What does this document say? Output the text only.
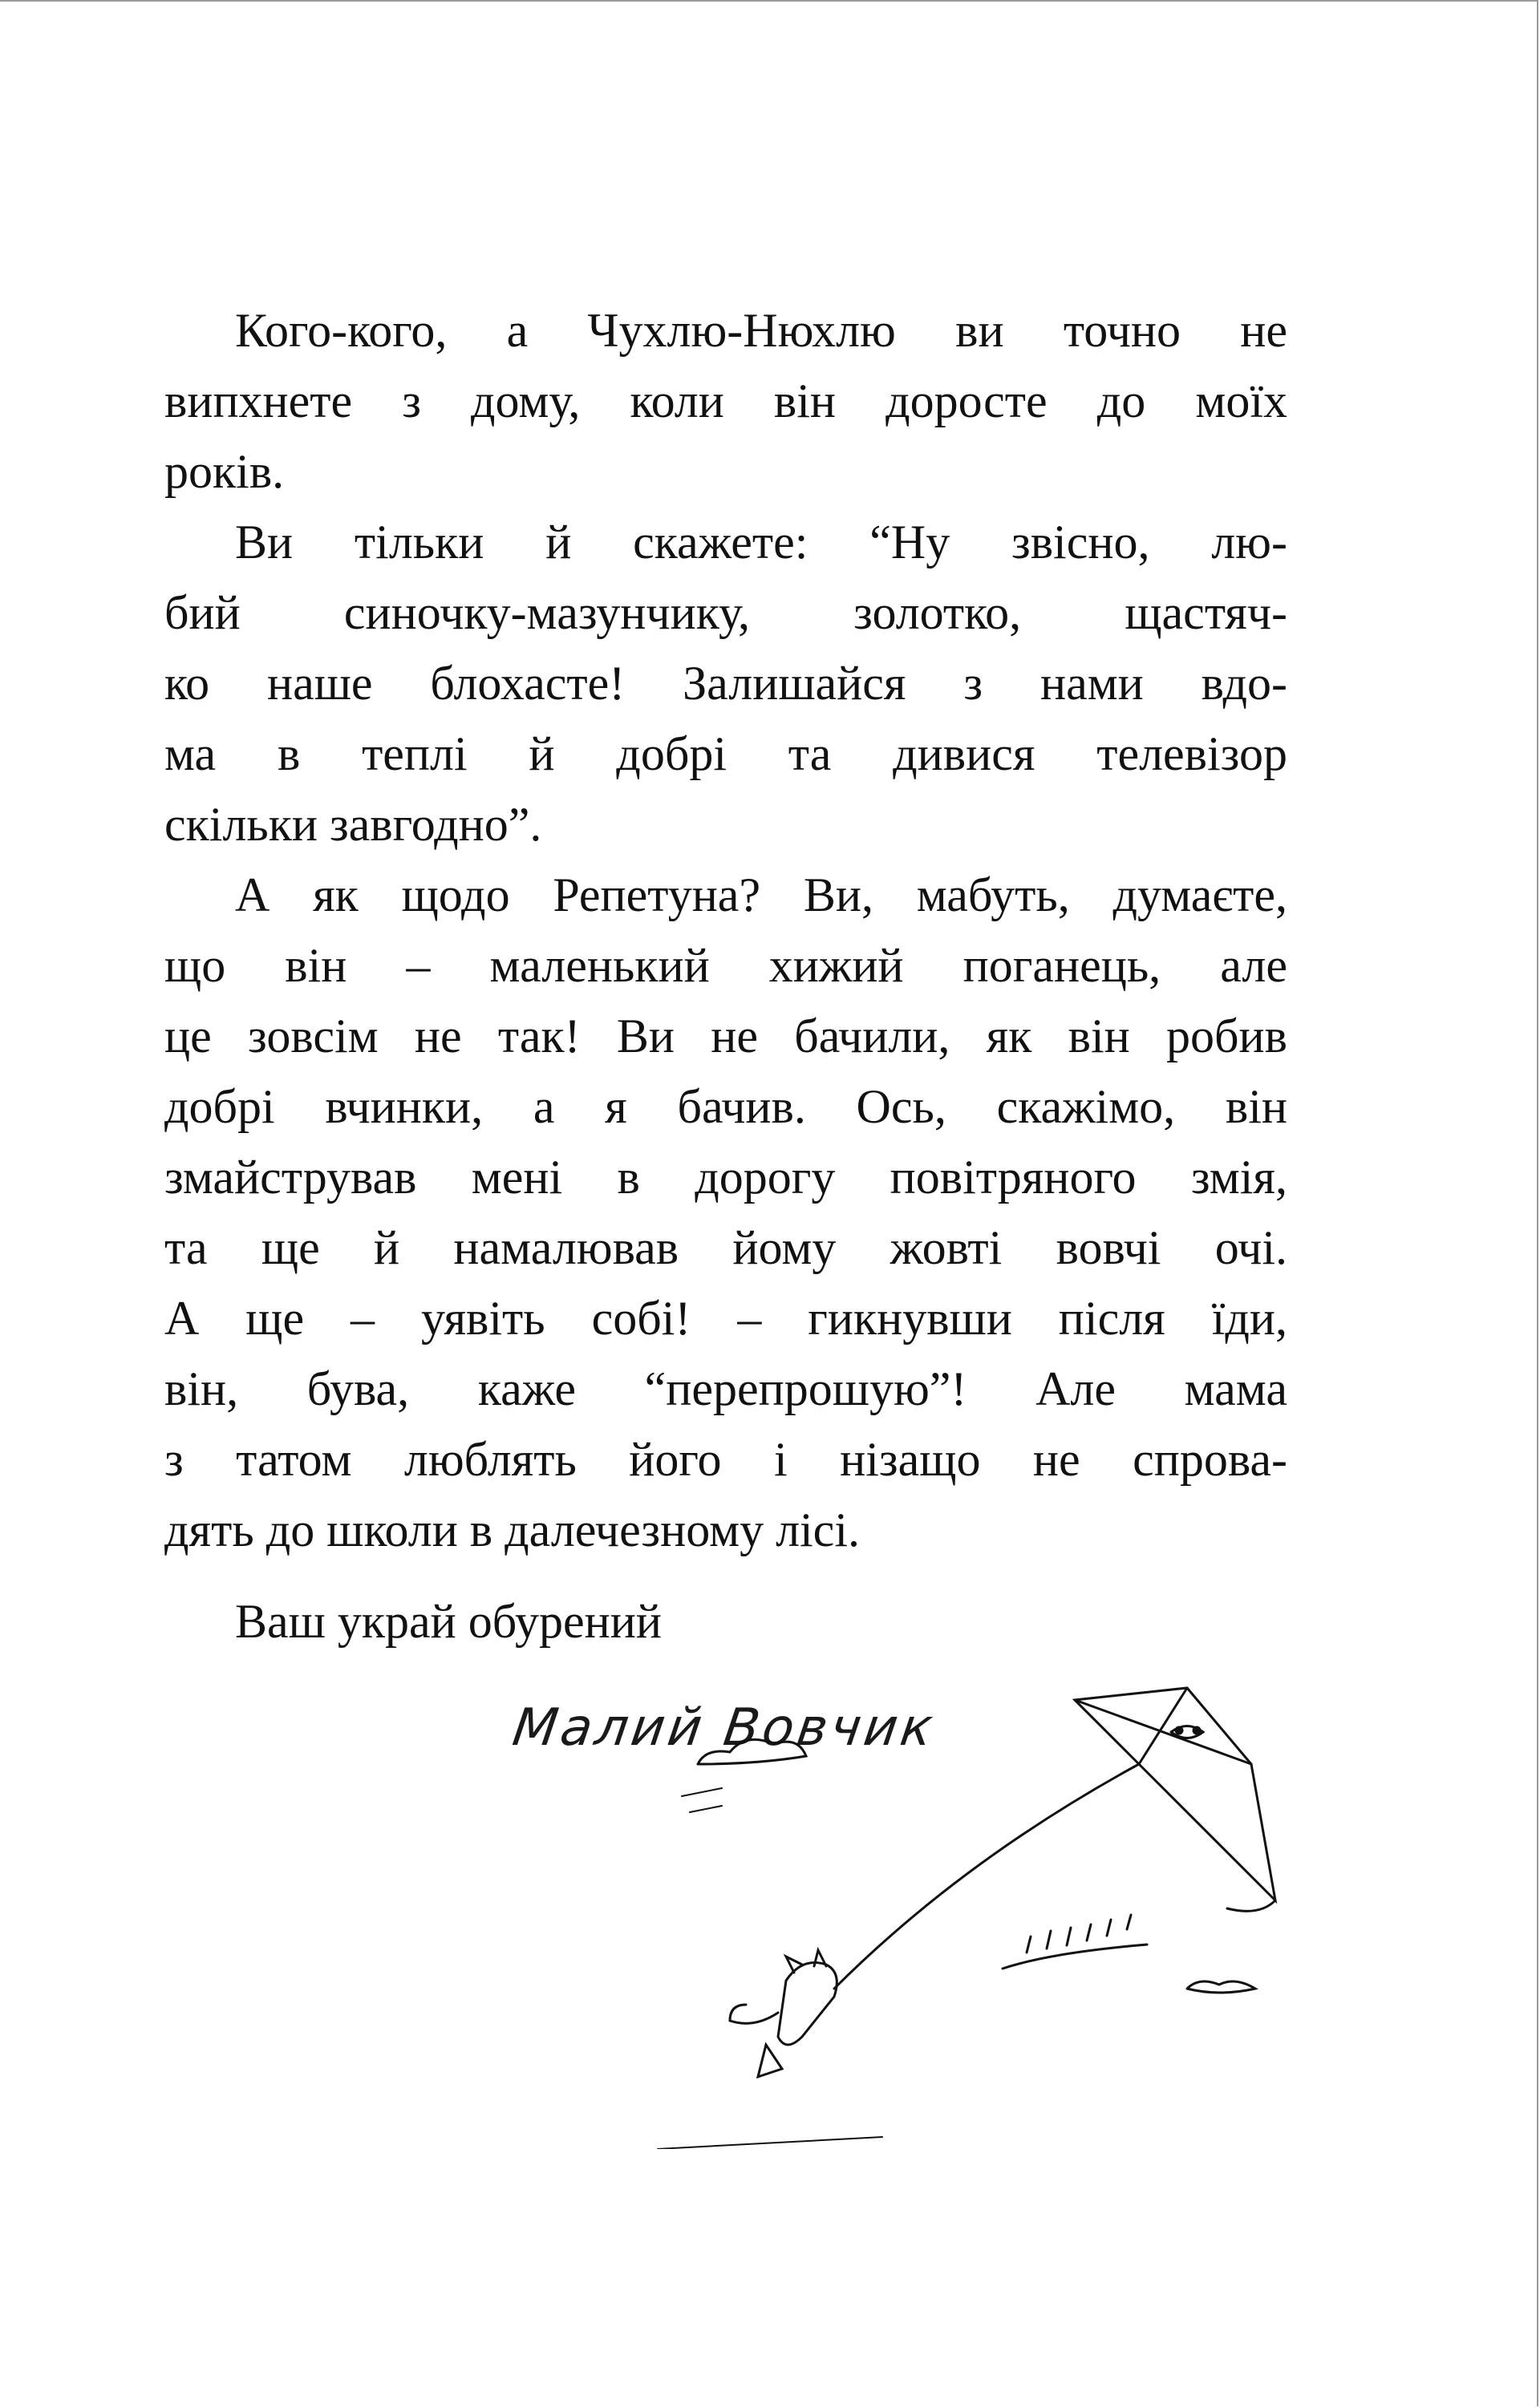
Кого-кого, а Чухлю-Нюхлю ви точно не
випхнете з дому, коли він доросте до моїх
років.
Ви тільки й скажете: “Ну звісно, лю-
бий синочку-мазунчику, золотко, щастяч-
ко наше блохасте! Залишайся з нами вдо-
ма в теплі й добрі та дивися телевізор
скільки завгодно”.
А як щодо Репетуна? Ви, мабуть, думаєте,
що він – маленький хижий поганець, але
це зовсім не так! Ви не бачили, як він робив
добрі вчинки, а я бачив. Ось, скажімо, він
змайстрував мені в дорогу повітряного змія,
та ще й намалював йому жовті вовчі очі.
А ще – уявіть собі! – гикнувши після їди,
він, бува, каже “перепрошую”! Але мама
з татом люблять його і нізащо не спрова-
дять до школи в далечезному лісі.
Ваш украй обурений
Малий Вовчик
